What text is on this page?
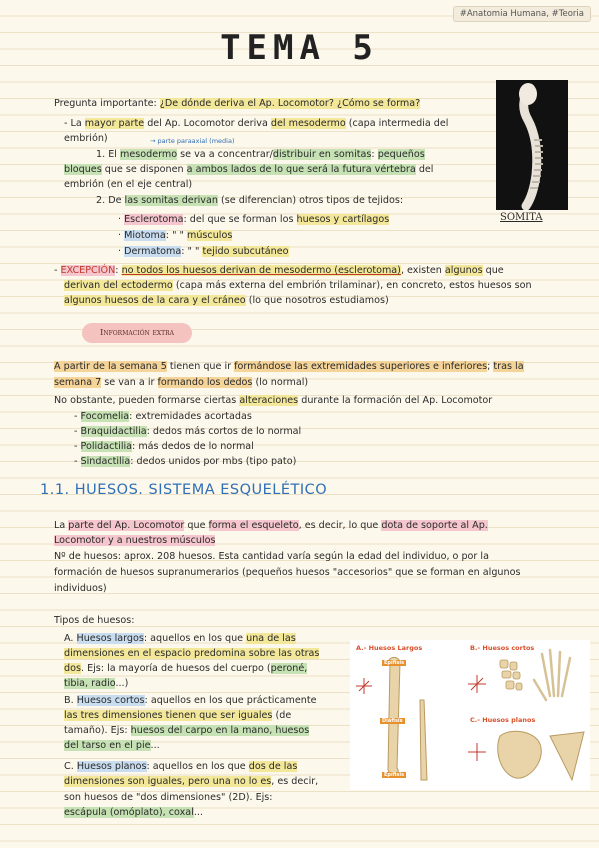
#Anatomia Humana, #Teoria
TEMA 5
Pregunta importante: ¿De dónde deriva el Ap. Locomotor? ¿Cómo se forma?
- La mayor parte del Ap. Locomotor deriva del mesodermo (capa intermedia del
embrión)	→ parte paraaxial (media)
1. El mesodermo se va a concentrar/distribuir en somitas: pequeños
bloques que se disponen a ambos lados de lo que será la futura vértebra del
embrión (en el eje central)
2. De las somitas derivan (se diferencian) otros tipos de tejidos:
· Esclerotoma: del que se forman los huesos y cartílagos
· Miotoma: " " músculos
· Dermatoma: " " tejido subcutáneo
SOMITA
- EXCEPCIÓN: no todos los huesos derivan de mesodermo (esclerotoma), existen algunos que
derivan del ectodermo (capa más externa del embrión trilaminar), en concreto, estos huesos son
algunos huesos de la cara y el cráneo (lo que nosotros estudiamos)
Información extra
A partir de la semana 5 tienen que ir formándose las extremidades superiores e inferiores; tras la
semana 7 se van a ir formando los dedos (lo normal)
No obstante, pueden formarse ciertas alteraciones durante la formación del Ap. Locomotor
- Focomelia: extremidades acortadas
- Braquidactilia: dedos más cortos de lo normal
- Polidactilia: más dedos de lo normal
- Sindactilia: dedos unidos por mbs (tipo pato)
1.1. HUESOS. SISTEMA ESQUELÉTICO
La parte del Ap. Locomotor que forma el esqueleto, es decir, lo que dota de soporte al Ap.
Locomotor y a nuestros músculos
Nº de huesos: aprox. 208 huesos. Esta cantidad varía según la edad del individuo, o por la
formación de huesos supranumerarios (pequeños huesos "accesorios" que se forman en algunos
individuos)
Tipos de huesos:
A. Huesos largos: aquellos en los que una de las
dimensiones en el espacio predomina sobre las otras
dos. Ejs: la mayoría de huesos del cuerpo (peroné,
tibia, radio...)
B. Huesos cortos: aquellos en los que prácticamente
las tres dimensiones tienen que ser iguales (de
tamaño). Ejs: huesos del carpo en la mano, huesos
del tarso en el pie...
C. Huesos planos: aquellos en los que dos de las
dimensiones son iguales, pero una no lo es, es decir,
son huesos de "dos dimensiones" (2D). Ejs:
escápula (omóplato), coxal...
A.- Huesos Largos	B.- Huesos cortos
C.- Huesos planos
Epífisis
Diáfisis
Epífisis
